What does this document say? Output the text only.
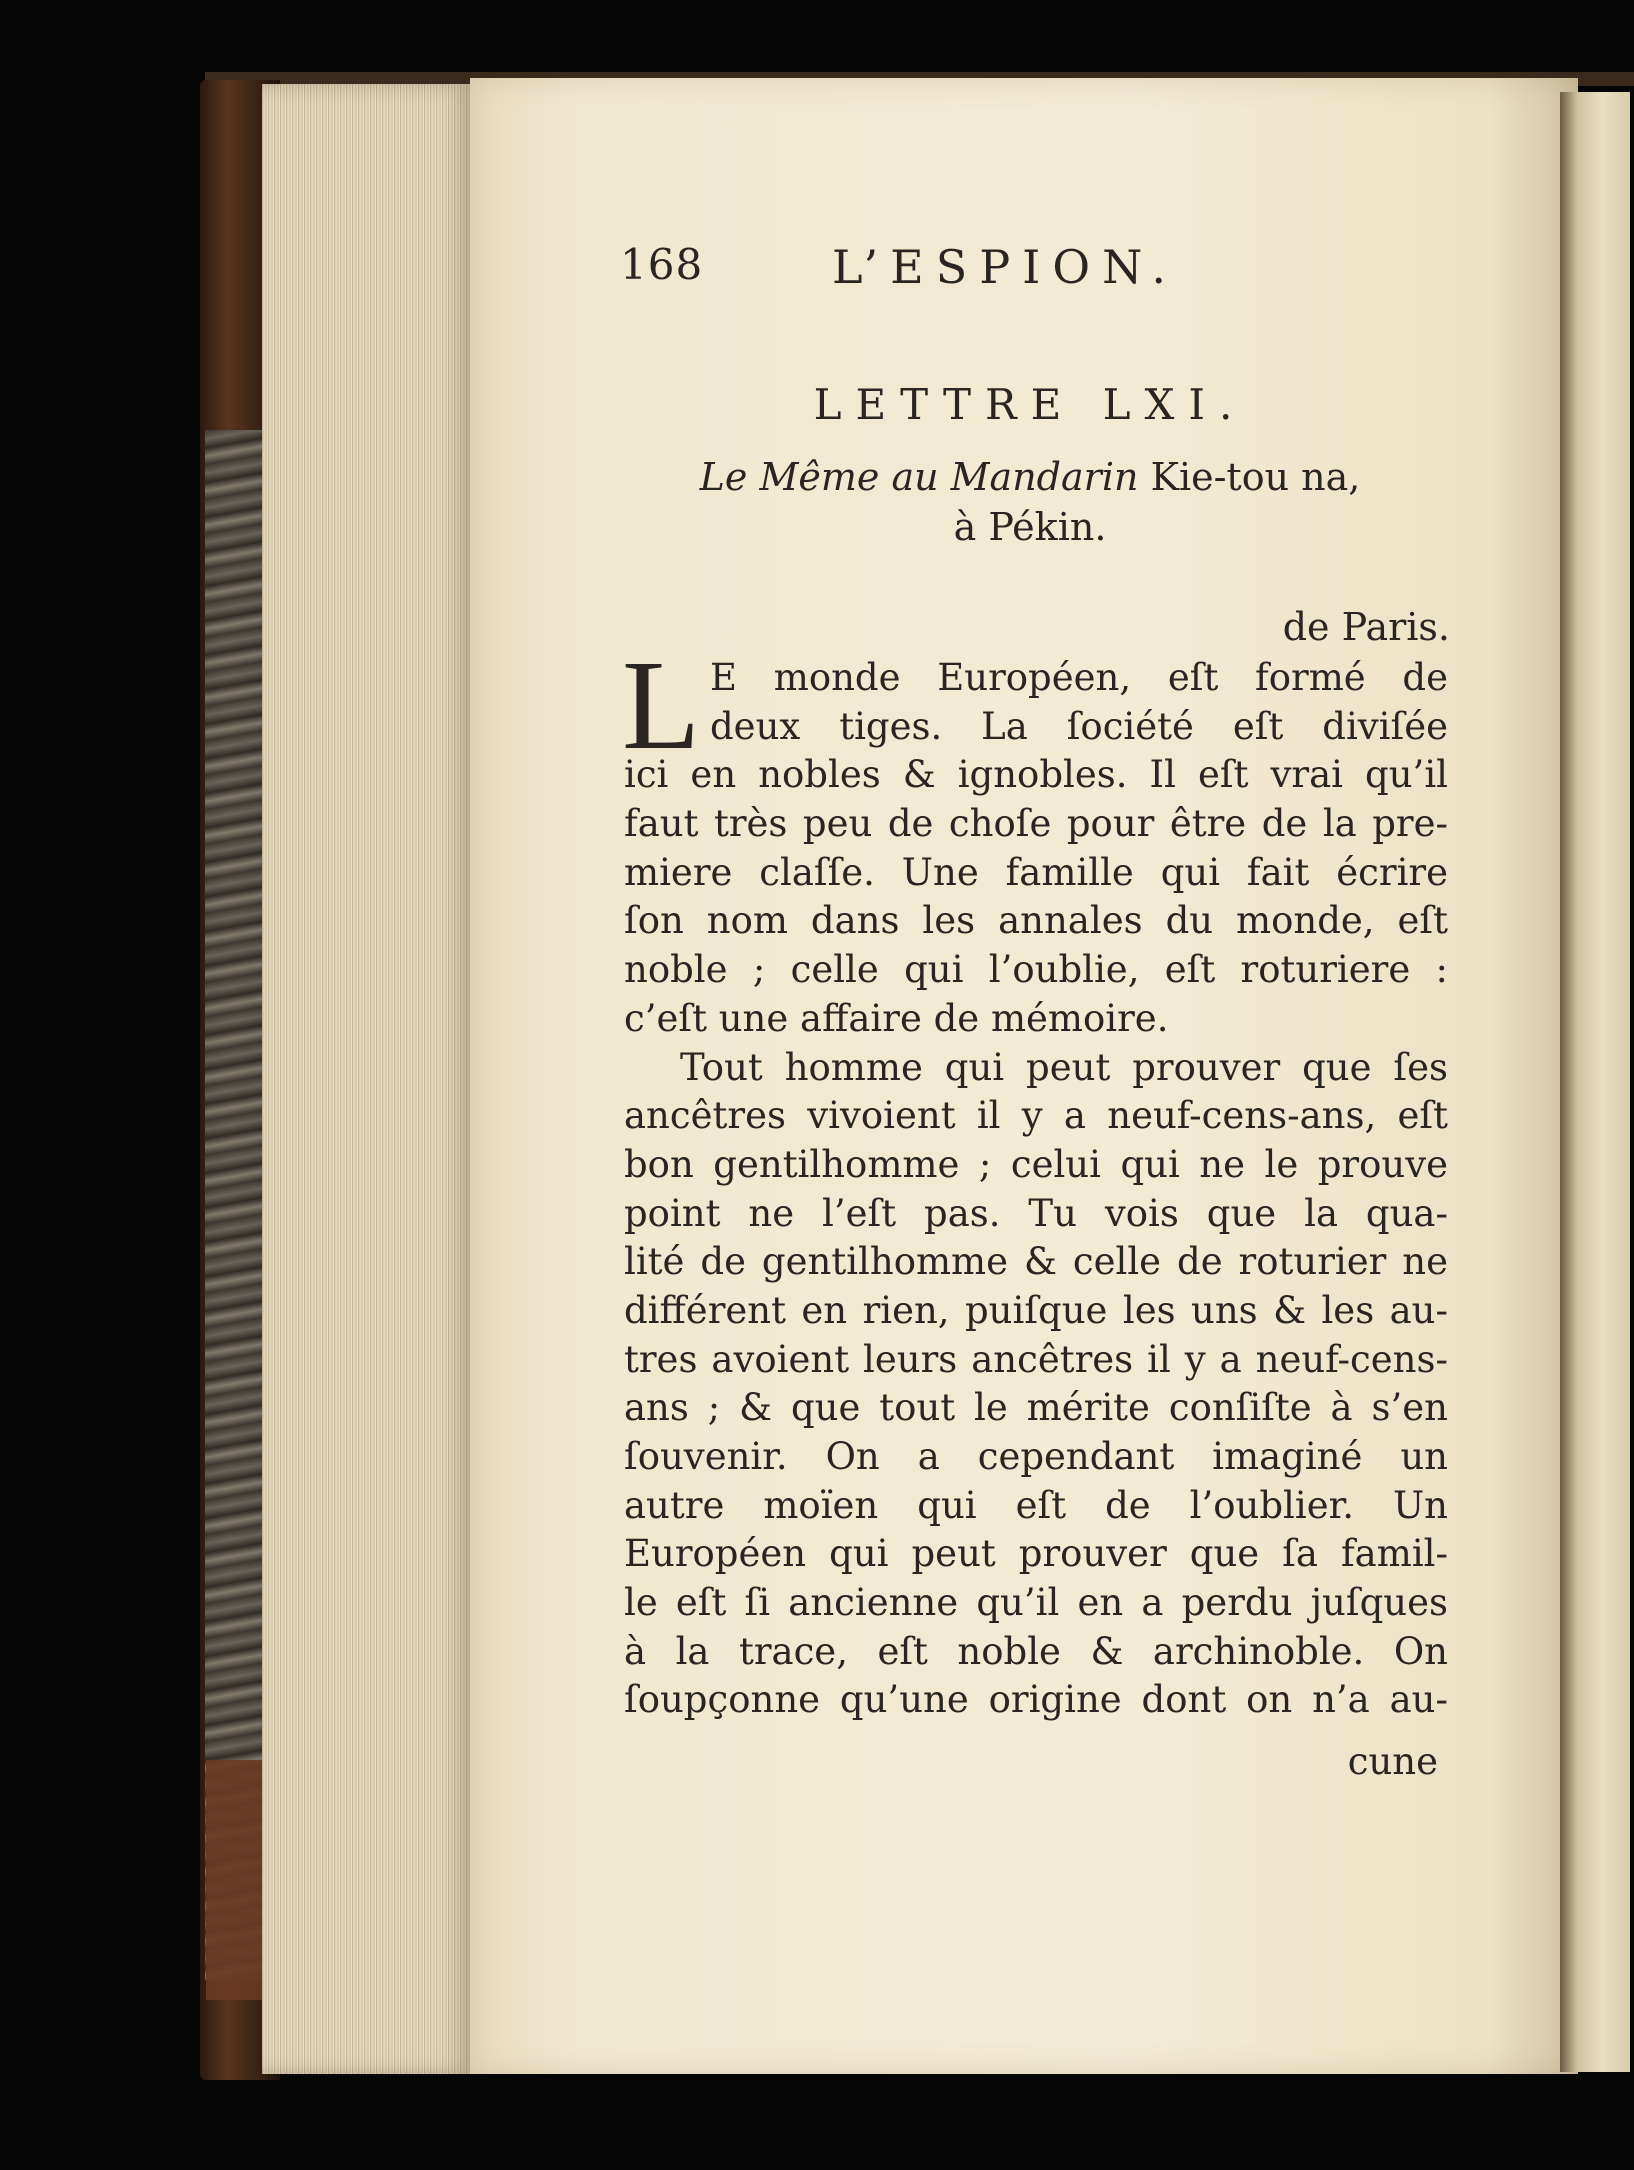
168	L’ESPION.
LETTRE LXI.
Le Même au Mandarin Kie-tou na,
à Pékin.
de Paris.
L E monde Européen, eſt formé de
deux tiges. La ſociété eſt diviſée
ici en nobles & ignobles. Il eſt vrai qu’il
faut très peu de choſe pour être de la pre-
miere claſſe. Une famille qui fait écrire
ſon nom dans les annales du monde, eſt
noble ; celle qui l’oublie, eſt roturiere :
c’eſt une affaire de mémoire.
Tout homme qui peut prouver que ſes
ancêtres vivoient il y a neuf-cens-ans, eſt
bon gentilhomme ; celui qui ne le prouve
point ne l’eſt pas. Tu vois que la qua-
lité de gentilhomme & celle de roturier ne
différent en rien, puiſque les uns & les au-
tres avoient leurs ancêtres il y a neuf-cens-
ans ; & que tout le mérite conſiſte à s’en
ſouvenir. On a cependant imaginé un
autre moïen qui eſt de l’oublier. Un
Européen qui peut prouver que ſa famil-
le eſt ſi ancienne qu’il en a perdu juſques
à la trace, eſt noble & archinoble. On
ſoupçonne qu’une origine dont on n’a au-
cune
